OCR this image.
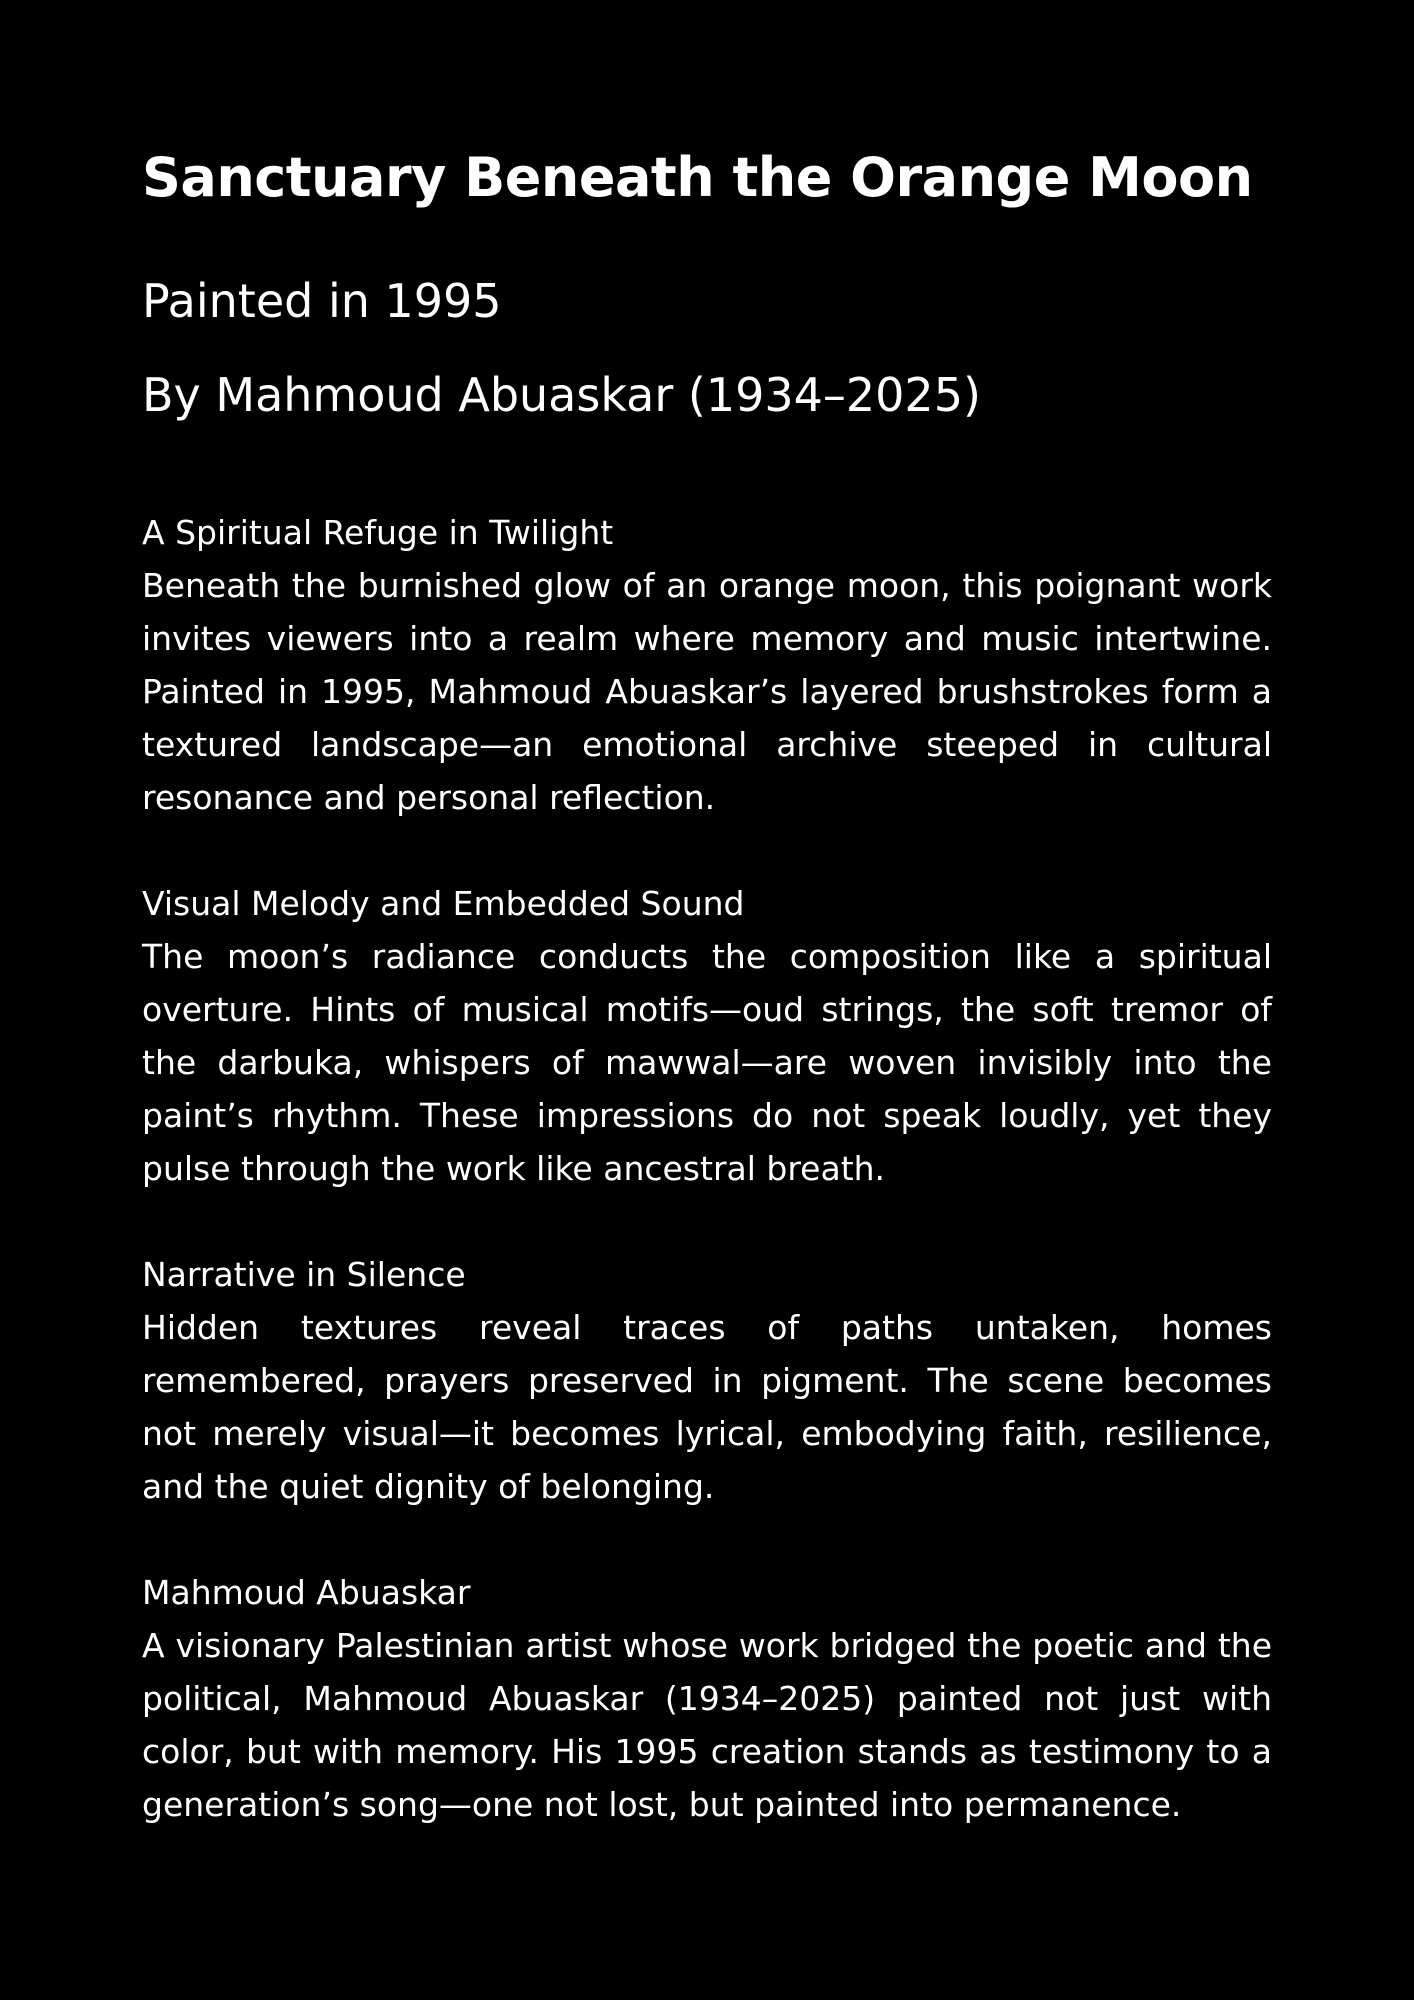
Sanctuary Beneath the Orange Moon
Painted in 1995
By Mahmoud Abuaskar (1934–2025)
A Spiritual Refuge in Twilight
Beneath the burnished glow of an orange moon, this poignant work invites viewers into a realm where memory and music intertwine. Painted in 1995, Mahmoud Abuaskar’s layered brushstrokes form a textured landscape—an emotional archive steeped in cultural resonance and personal reflection.
Visual Melody and Embedded Sound
The moon’s radiance conducts the composition like a spiritual overture. Hints of musical motifs—oud strings, the soft tremor of the darbuka, whispers of mawwal—are woven invisibly into the paint’s rhythm. These impressions do not speak loudly, yet they pulse through the work like ancestral breath.
Narrative in Silence
Hidden textures reveal traces of paths untaken, homes remembered, prayers preserved in pigment. The scene becomes not merely visual—it becomes lyrical, embodying faith, resilience, and the quiet dignity of belonging.
Mahmoud Abuaskar
A visionary Palestinian artist whose work bridged the poetic and the political, Mahmoud Abuaskar (1934–2025) painted not just with color, but with memory. His 1995 creation stands as testimony to a generation’s song—one not lost, but painted into permanence.
